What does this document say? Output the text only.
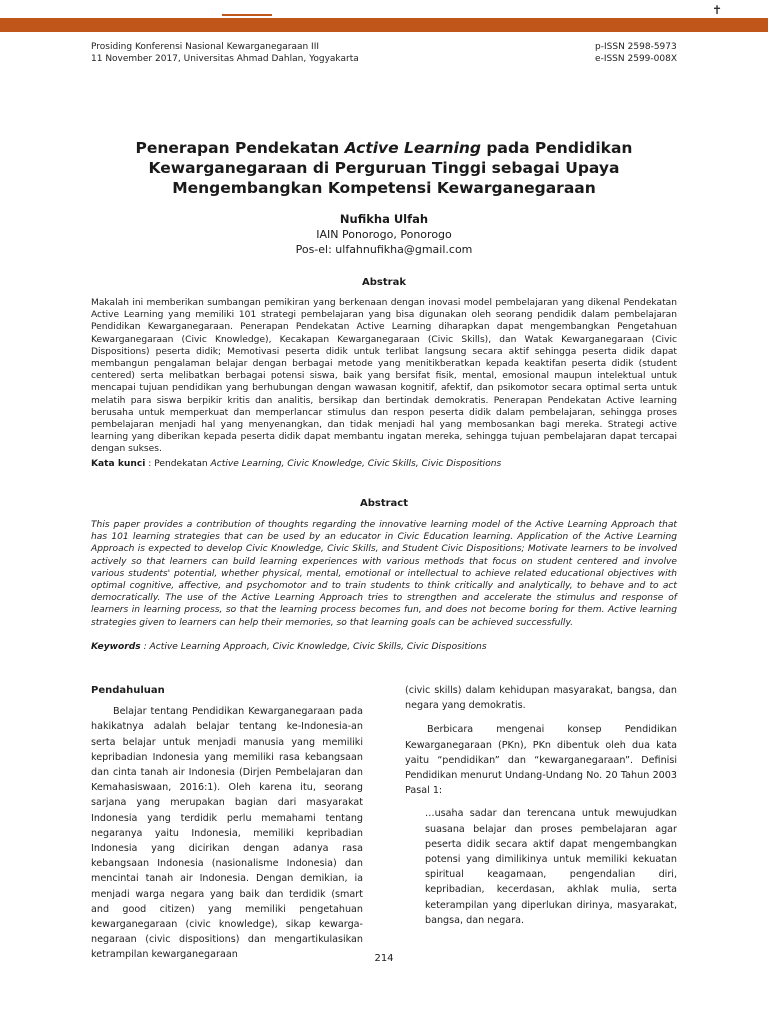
✝
Prosiding Konferensi Nasional Kewarganegaraan III
11 November 2017, Universitas Ahmad Dahlan, Yogyakarta
p-ISSN 2598-5973
e-ISSN 2599-008X
Penerapan Pendekatan Active Learning pada Pendidikan Kewarganegaraan di Perguruan Tinggi sebagai Upaya Mengembangkan Kompetensi Kewarganegaraan
Nufikha Ulfah
IAIN Ponorogo, Ponorogo
Pos-el: ulfahnufikha@gmail.com
Abstrak
Makalah ini memberikan sumbangan pemikiran yang berkenaan dengan inovasi model pembelajaran yang dikenal Pendekatan Active Learning yang memiliki 101 strategi pembelajaran yang bisa digunakan oleh seorang pendidik dalam pembelajaran Pendidikan Kewarganegaraan. Penerapan Pendekatan Active Learning diharapkan dapat mengembangkan Pengetahuan Kewarganegaraan (Civic Knowledge), Kecakapan Kewarganegaraan (Civic Skills), dan Watak Kewarganegaraan (Civic Dispositions) peserta didik; Memotivasi peserta didik untuk terlibat langsung secara aktif sehingga peserta didik dapat membangun pengalaman belajar dengan berbagai metode yang menitikberatkan kepada keaktifan peserta didik (student centered) serta melibatkan berbagai potensi siswa, baik yang bersifat fisik, mental, emosional maupun intelektual untuk mencapai tujuan pendidikan yang berhubungan dengan wawasan kognitif, afektif, dan psikomotor secara optimal serta untuk melatih para siswa berpikir kritis dan analitis, bersikap dan bertindak demokratis. Penerapan Pendekatan Active learning berusaha untuk memperkuat dan memperlancar stimulus dan respon peserta didik dalam pembelajaran, sehingga proses pembelajaran menjadi hal yang menyenangkan, dan tidak menjadi hal yang membosankan bagi mereka. Strategi active learning yang diberikan kepada peserta didik dapat membantu ingatan mereka, sehingga tujuan pembelajaran dapat tercapai dengan sukses.
Kata kunci : Pendekatan Active Learning, Civic Knowledge, Civic Skills, Civic Dispositions
Abstract
This paper provides a contribution of thoughts regarding the innovative learning model of the Active Learning Approach that has 101 learning strategies that can be used by an educator in Civic Education learning. Application of the Active Learning Approach is expected to develop Civic Knowledge, Civic Skills, and Student Civic Dispositions; Motivate learners to be involved actively so that learners can build learning experiences with various methods that focus on student centered and involve various students' potential, whether physical, mental, emotional or intellectual to achieve related educational objectives with optimal cognitive, affective, and psychomotor and to train students to think critically and analytically, to behave and to act democratically. The use of the Active Learning Approach tries to strengthen and accelerate the stimulus and response of learners in learning process, so that the learning process becomes fun, and does not become boring for them. Active learning strategies given to learners can help their memories, so that learning goals can be achieved successfully.
Keywords : Active Learning Approach, Civic Knowledge, Civic Skills, Civic Dispositions
Pendahuluan

Belajar tentang Pendidikan Kewarganegaraan pada hakikatnya adalah belajar tentang ke-Indonesia-an serta belajar untuk menjadi manusia yang memiliki kepribadian Indonesia yang memiliki rasa kebangsaan dan cinta tanah air Indonesia (Dirjen Pembelajaran dan Kemahasiswaan, 2016:1). Oleh karena itu, seorang sarjana yang merupakan bagian dari masyarakat Indonesia yang terdidik perlu memahami tentang negaranya yaitu Indonesia, memiliki kepribadian Indonesia yang dicirikan dengan adanya rasa kebangsaan Indonesia (nasionalisme Indonesia) dan mencintai tanah air Indonesia. Dengan demikian, ia menjadi warga negara yang baik dan terdidik (smart and good citizen) yang memiliki pengetahuan kewarganegaraan (civic knowledge), sikap kewarga-negaraan (civic dispositions) dan mengartikulasikan ketrampilan kewarganegaraan

(civic skills) dalam kehidupan masyarakat, bangsa, dan negara yang demokratis.

Berbicara mengenai konsep Pendidikan Kewarganegaraan (PKn), PKn dibentuk oleh dua kata yaitu “pendidikan” dan “kewarganegaraan”. Definisi Pendidikan menurut Undang-Undang No. 20 Tahun 2003 Pasal 1:

…usaha sadar dan terencana untuk mewujudkan suasana belajar dan proses pembelajaran agar peserta didik secara aktif dapat mengembangkan potensi yang dimilikinya untuk memiliki kekuatan spiritual keagamaan, pengendalian diri, kepribadian, kecerdasan, akhlak mulia, serta keterampilan yang diperlukan dirinya, masyarakat, bangsa, dan negara.

214
